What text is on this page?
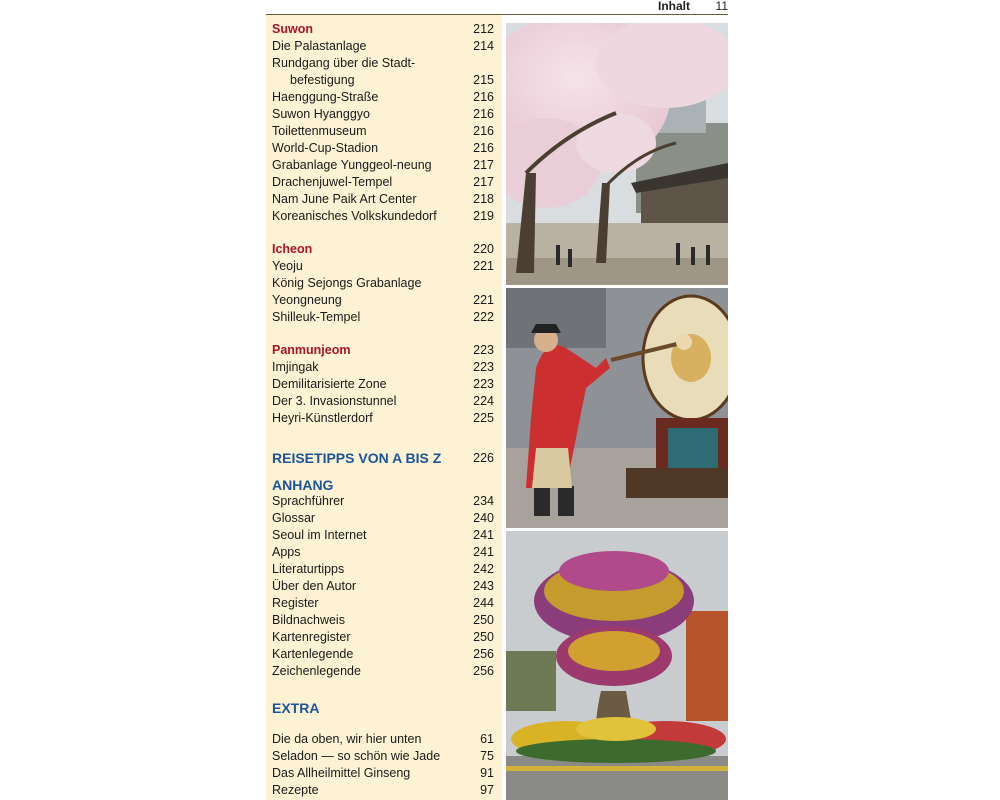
Inhalt 11
Suwon	212
Die Palastanlage	214
Rundgang über die Stadt-
befestigung	215
Haenggung-Straße	216
Suwon Hyanggyo	216
Toilettenmuseum	216
World-Cup-Stadion	216
Grabanlage Yunggeol-neung	217
Drachenjuwel-Tempel	217
Nam June Paik Art Center	218
Koreanisches Volkskundedorf	219
Icheon	220
Yeoju	221
König Sejongs Grabanlage
Yeongneung	221
Shilleuk-Tempel	222
Panmunjeom	223
Imjingak	223
Demilitarisierte Zone	223
Der 3. Invasionstunnel	224
Heyri-Künstlerdorf	225
REISETIPPS VON A BIS Z	226
ANHANG
Sprachführer	234
Glossar	240
Seoul im Internet	241
Apps	241
Literaturtipps	242
Über den Autor	243
Register	244
Bildnachweis	250
Kartenregister	250
Kartenlegende	256
Zeichenlegende	256
EXTRA
Die da oben, wir hier unten	61
Seladon — so schön wie Jade	75
Das Allheilmittel Ginseng	91
Rezepte	97
